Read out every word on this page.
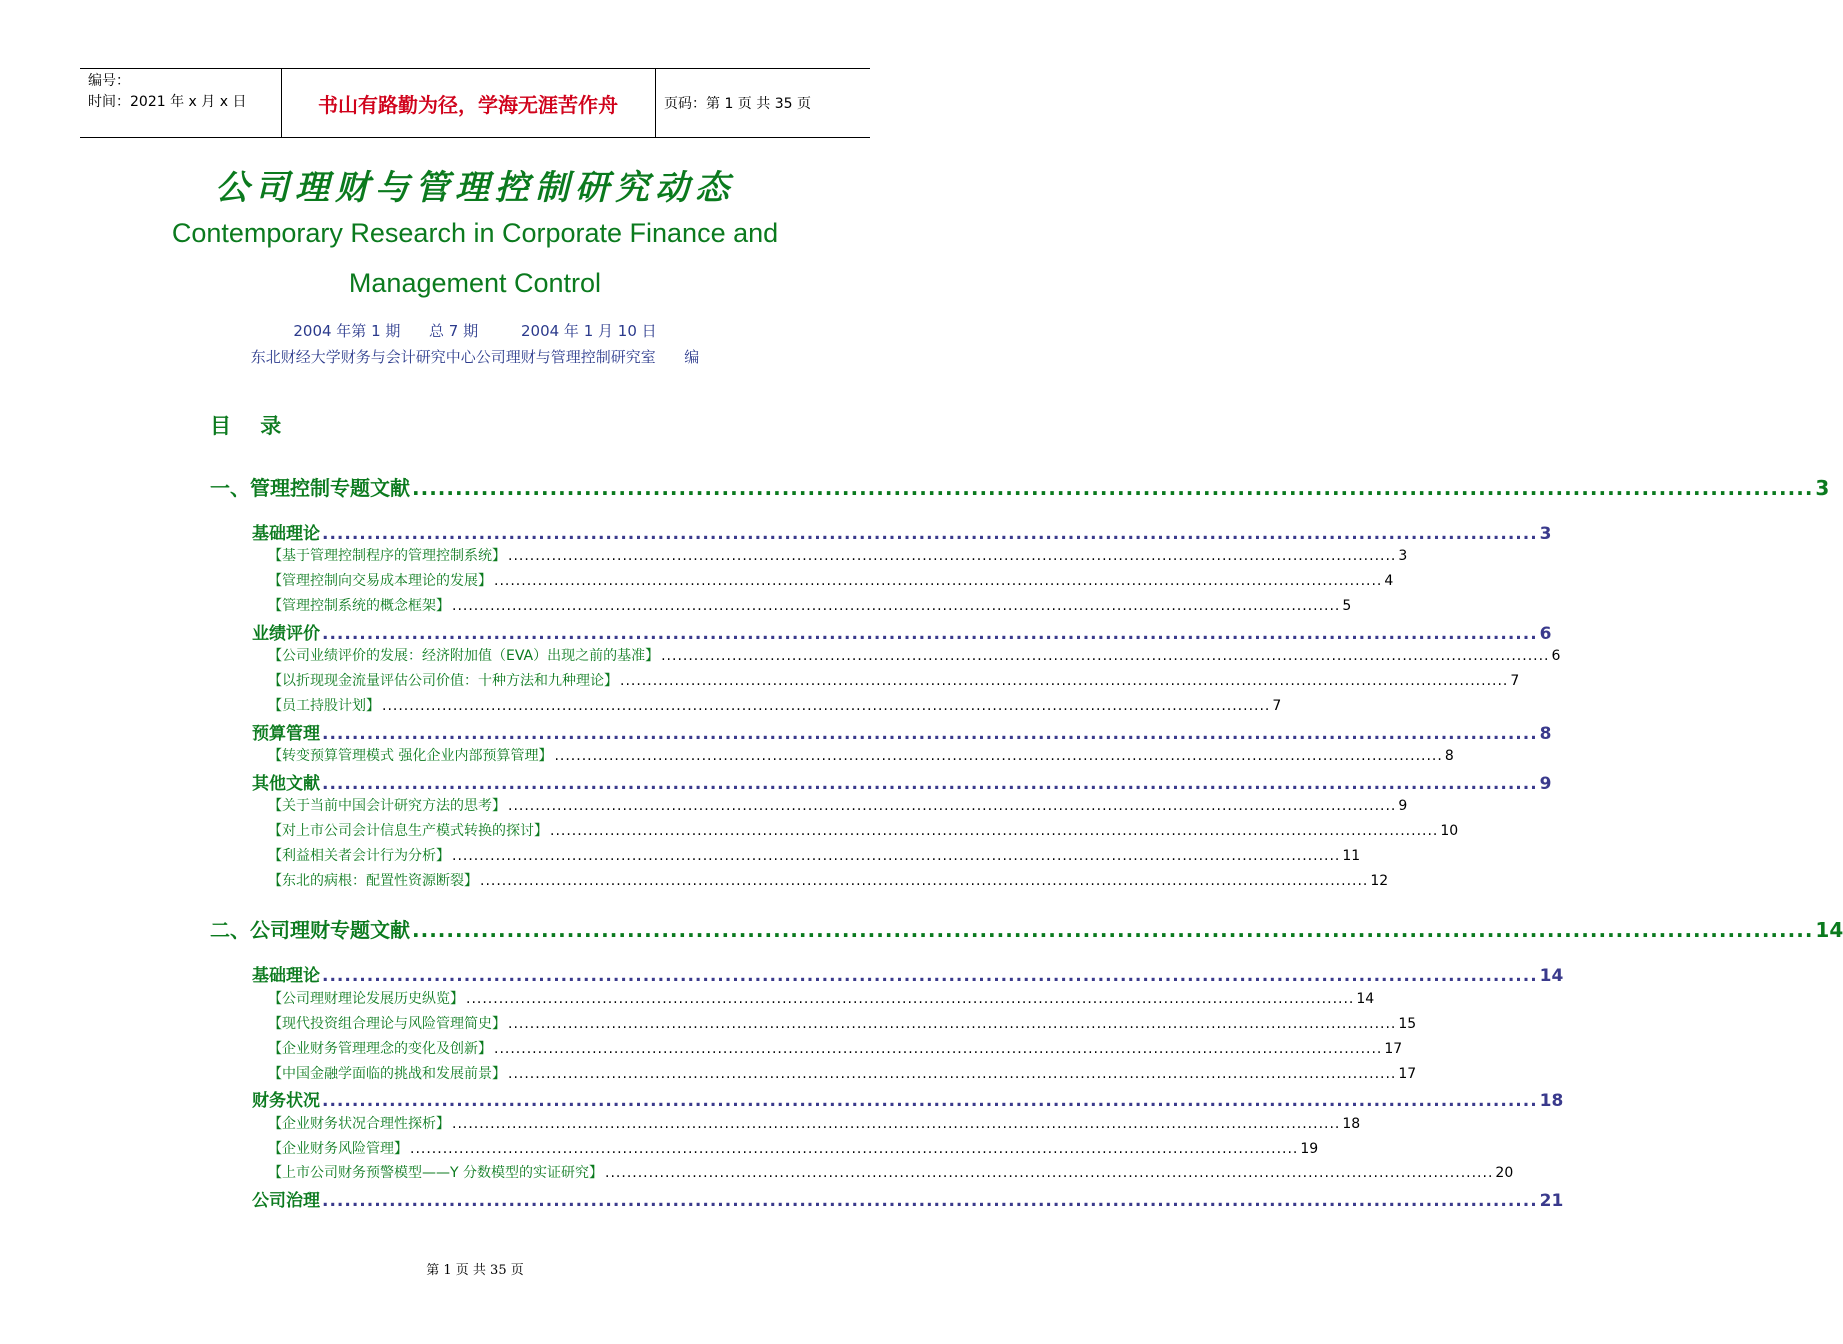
编号：
时间：2021 年 x 月 x 日	书山有路勤为径，学海无涯苦作舟	页码：第 1 页 共 35 页
公司理财与管理控制研究动态
Contemporary Research in Corporate Finance and Management Control
2004 年第 1 期      总 7 期         2004 年 1 月 10 日
东北财经大学财务与会计研究中心公司理财与管理控制研究室      编
目    录
一、管理控制专题文献 ................................................................................................................................................................... 3
基础理论 ................................................................................................................................................................... 3
【基于管理控制程序的管理控制系统】 ................................................................................................................................................................... 3
【管理控制向交易成本理论的发展】 ................................................................................................................................................................... 4
【管理控制系统的概念框架】 ................................................................................................................................................................... 5
业绩评价 ................................................................................................................................................................... 6
【公司业绩评价的发展：经济附加值（EVA）出现之前的基准】 ................................................................................................................................................................... 6
【以折现现金流量评估公司价值：十种方法和九种理论】 ................................................................................................................................................................... 7
【员工持股计划】 ................................................................................................................................................................... 7
预算管理 ................................................................................................................................................................... 8
【转变预算管理模式 强化企业内部预算管理】 ................................................................................................................................................................... 8
其他文献 ................................................................................................................................................................... 9
【关于当前中国会计研究方法的思考】 ................................................................................................................................................................... 9
【对上市公司会计信息生产模式转换的探讨】 ................................................................................................................................................................... 10
【利益相关者会计行为分析】 ................................................................................................................................................................... 11
【东北的病根：配置性资源断裂】 ................................................................................................................................................................... 12
二、公司理财专题文献 ................................................................................................................................................................... 14
基础理论 ................................................................................................................................................................... 14
【公司理财理论发展历史纵览】 ................................................................................................................................................................... 14
【现代投资组合理论与风险管理简史】 ................................................................................................................................................................... 15
【企业财务管理理念的变化及创新】 ................................................................................................................................................................... 17
【中国金融学面临的挑战和发展前景】 ................................................................................................................................................................... 17
财务状况 ................................................................................................................................................................... 18
【企业财务状况合理性探析】 ................................................................................................................................................................... 18
【企业财务风险管理】 ................................................................................................................................................................... 19
【上市公司财务预警模型——Y 分数模型的实证研究】 ................................................................................................................................................................... 20
公司治理 ................................................................................................................................................................... 21
第 1 页 共 35 页
